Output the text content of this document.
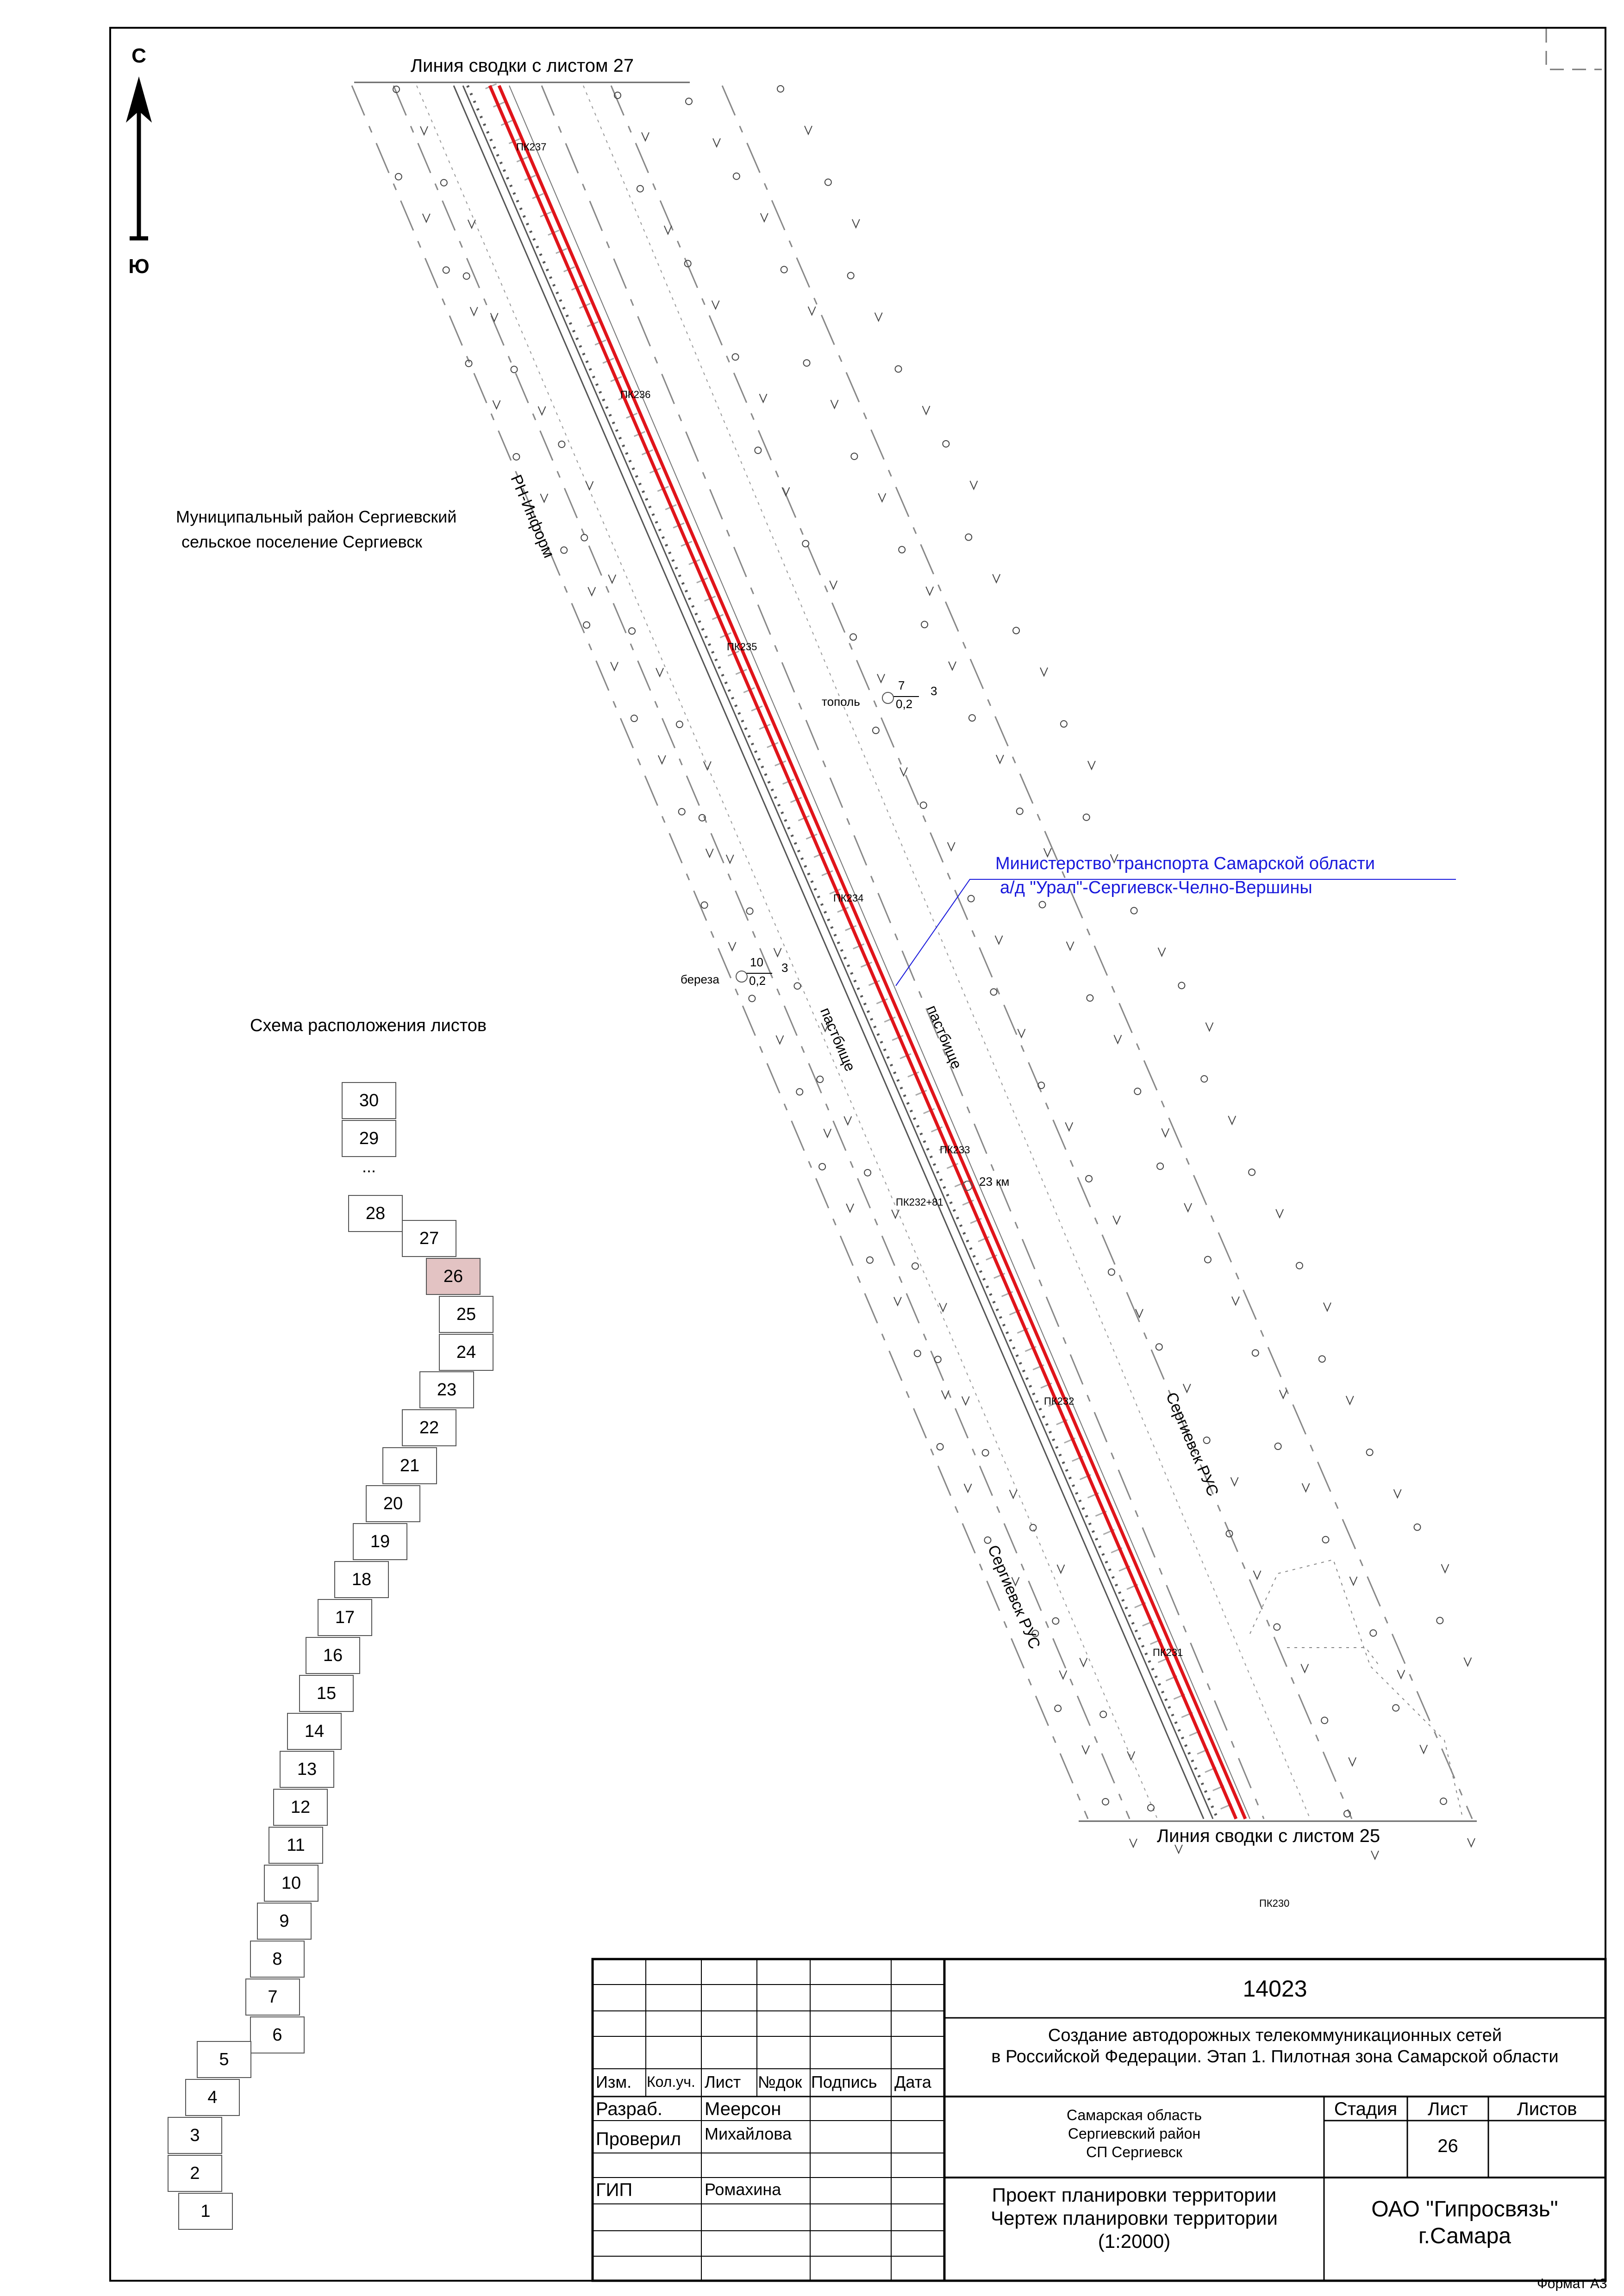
С
Ю
Линия сводки с листом 27
Линия сводки с листом 25
ПК237
ПК236
ПК235
ПК234
ПК233
ПК232+81
ПК232
ПК231
ПК230
23 км
тополь
7
0,2
3
береза
10
0,2
3
РН-Информ
Сергиевск РУС
Сергиевск РУС
пастбище	пастбище
Муниципальный район Сергиевский
сельское поселение Сергиевск
Министерство транспорта Самарской области
а/д "Урал"-Сергиевск-Челно-Вершины
Схема расположения листов
30
29
28
27
26
25
24
23
22
21
20
19
18
17
16
15
14
13
12
11
10
9
8
7
6
5
4
3
2
1
...
14023
Создание автодорожных телекоммуникационных сетей
в Российской Федерации. Этап 1. Пилотная зона Самарской области
Изм. Кол.уч. Лист №док Подпись Дата
Разраб. Меерсон
Проверил Михайлова
ГИП	Ромахина
Самарская область
Сергиевский район
СП Сергиевск
Стадия	Лист	Листов
26
Проект планировки территории
Чертеж планировки территории
(1:2000)
ОАО "Гипросвязь"
г.Самара
Формат А3
